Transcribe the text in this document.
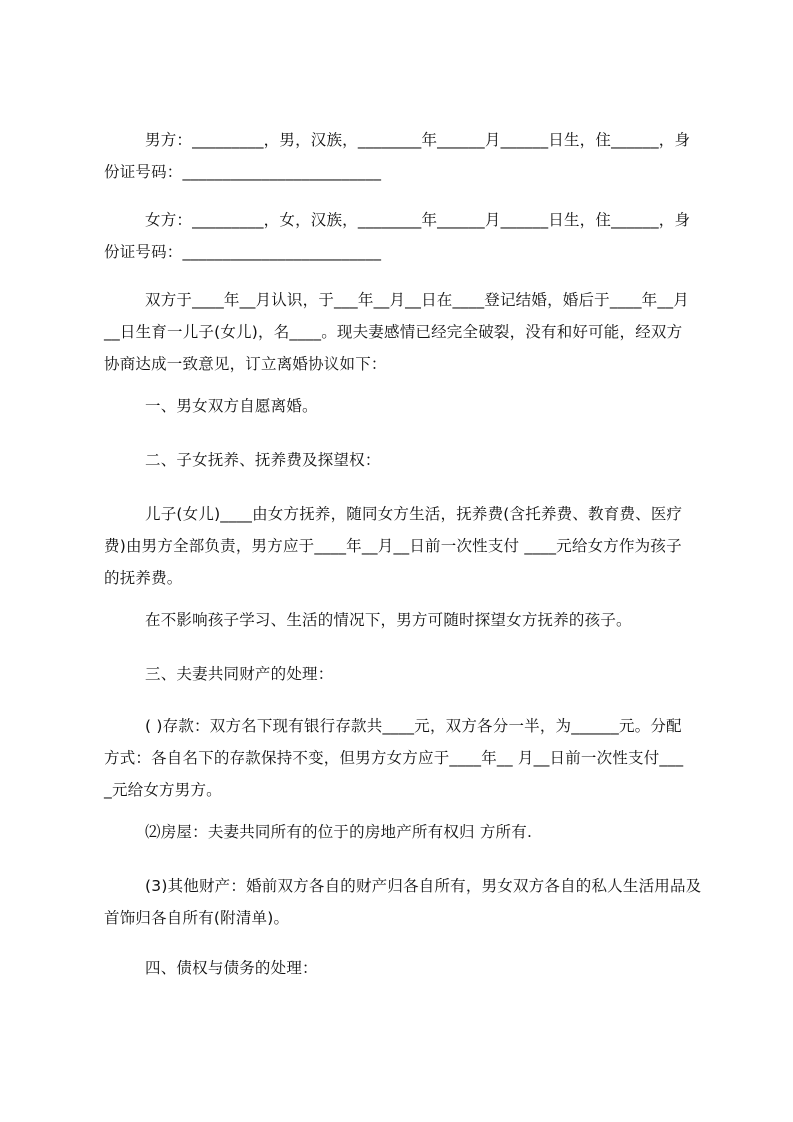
男方：_________，男，汉族，________年______月______日生，住______，身
份证号码：_________________________
女方：_________，女，汉族，________年______月______日生，住______，身
份证号码：_________________________
双方于____年__月认识，于___年__月__日在____登记结婚，婚后于____年__月
__日生育一儿子(女儿)，名____。现夫妻感情已经完全破裂，没有和好可能，经双方
协商达成一致意见，订立离婚协议如下：
一、男女双方自愿离婚。
二、子女抚养、抚养费及探望权：
儿子(女儿)____由女方抚养，随同女方生活，抚养费(含托养费、教育费、医疗
费)由男方全部负责，男方应于____年__月__日前一次性支付 ____元给女方作为孩子
的抚养费。
在不影响孩子学习、生活的情况下，男方可随时探望女方抚养的孩子。
三、夫妻共同财产的处理：
( )存款：双方名下现有银行存款共____元，双方各分一半，为______元。分配
方式：各自名下的存款保持不变，但男方女方应于____年__ 月__日前一次性支付___
_元给女方男方。
⑵房屋：夫妻共同所有的位于的房地产所有权归 方所有.
(3)其他财产：婚前双方各自的财产归各自所有，男女双方各自的私人生活用品及
首饰归各自所有(附清单)。
四、债权与债务的处理：
